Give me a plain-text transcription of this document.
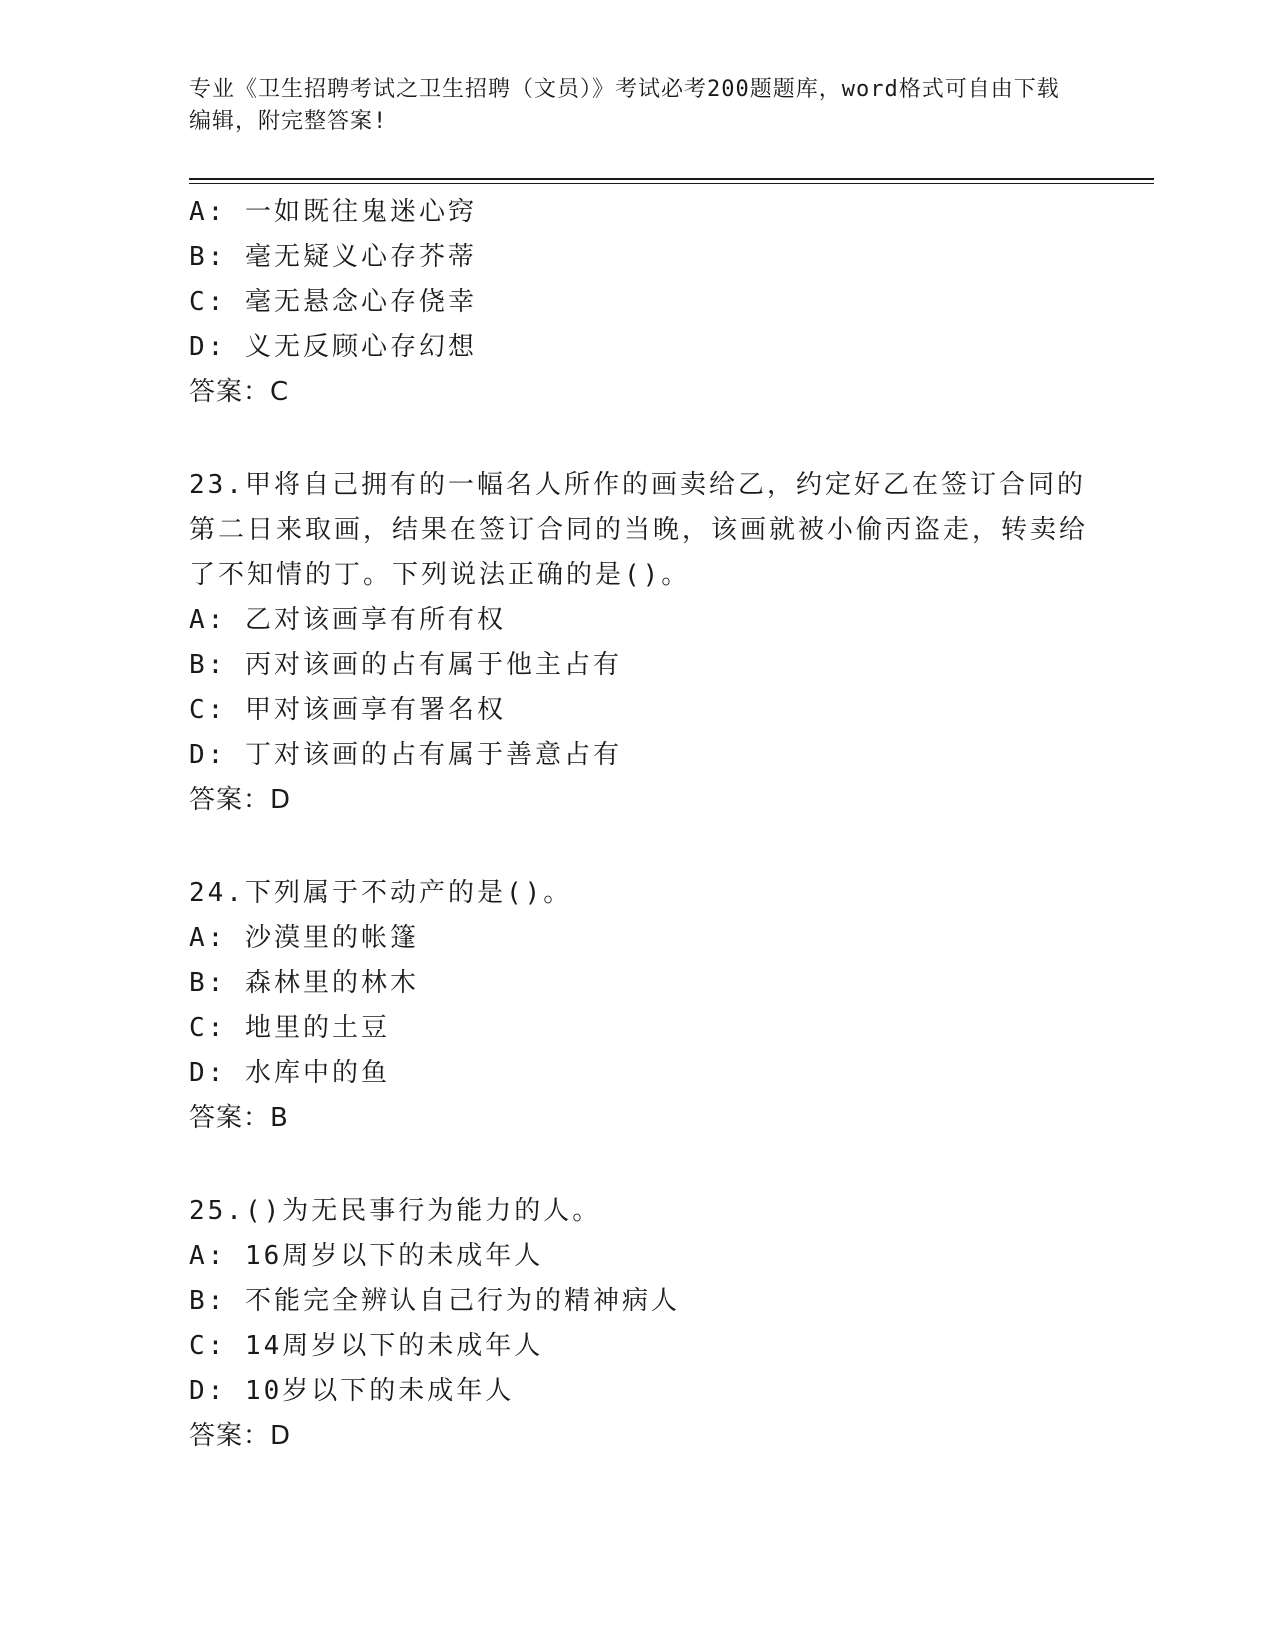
专业《卫生招聘考试之卫生招聘（文员）》考试必考200题题库，word格式可自由下载编辑，附完整答案!

A: 一如既往鬼迷心窍

B: 毫无疑义心存芥蒂

C: 毫无悬念心存侥幸

D: 义无反顾心存幻想

答案：C

23.甲将自己拥有的一幅名人所作的画卖给乙，约定好乙在签订合同的第二日来取画，结果在签订合同的当晚，该画就被小偷丙盗走，转卖给了不知情的丁。下列说法正确的是()。

A: 乙对该画享有所有权

B: 丙对该画的占有属于他主占有

C: 甲对该画享有署名权

D: 丁对该画的占有属于善意占有

答案：D

24.下列属于不动产的是()。

A: 沙漠里的帐篷

B: 森林里的林木

C: 地里的土豆

D: 水库中的鱼

答案：B

25.()为无民事行为能力的人。

A: 16周岁以下的未成年人

B: 不能完全辨认自己行为的精神病人

C: 14周岁以下的未成年人

D: 10岁以下的未成年人

答案：D
